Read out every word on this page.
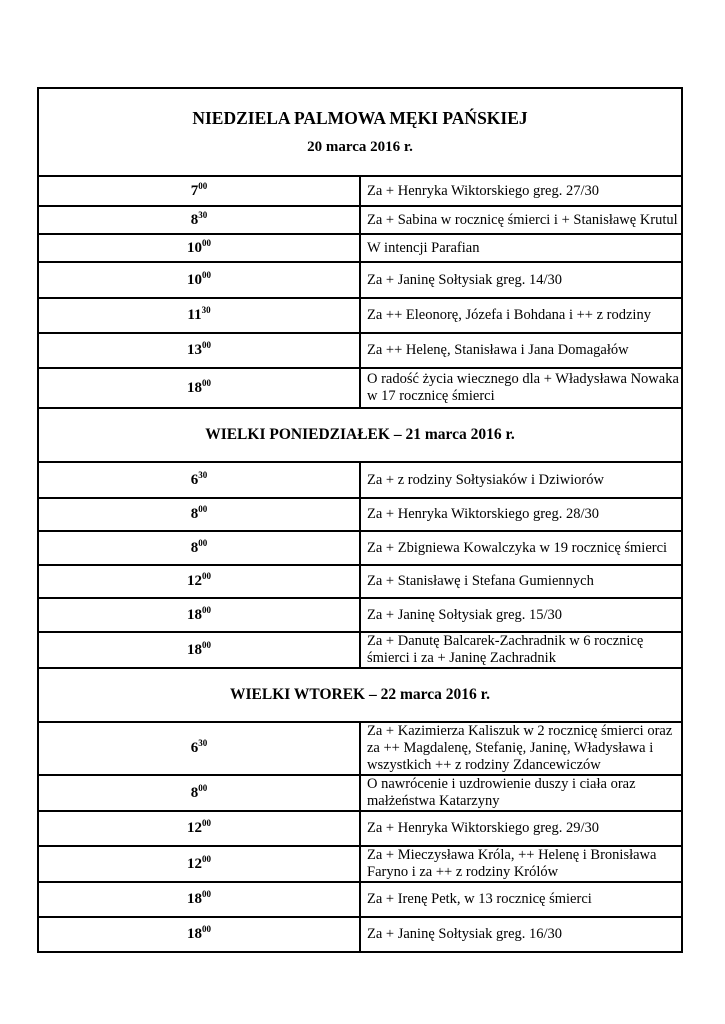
NIEDZIELA PALMOWA MĘKI PAŃSKIEJ
20 marca 2016 r.	

$7^{00}$	Za + Henryka Wiktorskiego greg. 27/30
$8^{30}$	Za + Sabina w rocznicę śmierci i + Stanisławę Krutul
$10^{00}$	W intencji Parafian
$10^{00}$	Za + Janinę Sołtysiak greg. 14/30
$11^{30}$	Za ++ Eleonorę, Józefa i Bohdana i ++ z rodziny
$13^{00}$	Za ++ Helenę, Stanisława i Jana Domagałów
$18^{00}$	O radość życia wiecznego dla + Władysława Nowaka w 17 rocznicę śmierci

WIELKI PONIEDZIAŁEK – 21 marca 2016 r.	

$6^{30}$	Za + z rodziny Sołtysiaków i Dziwiorów
$8^{00}$	Za + Henryka Wiktorskiego greg. 28/30
$8^{00}$	Za + Zbigniewa Kowalczyka w 19 rocznicę śmierci
$12^{00}$	Za + Stanisławę i Stefana Gumiennych
$18^{00}$	Za + Janinę Sołtysiak greg. 15/30
$18^{00}$	Za + Danutę Balcarek-Zachradnik w 6 rocznicę śmierci i za + Janinę Zachradnik

WIELKI WTOREK – 22 marca 2016 r.	

$6^{30}$	Za + Kazimierza Kaliszuk w 2 rocznicę śmierci oraz za ++ Magdalenę, Stefanię, Janinę, Władysława i wszystkich ++ z rodziny Zdancewiczów
$8^{00}$	O nawrócenie i uzdrowienie duszy i ciała oraz małżeństwa Katarzyny
$12^{00}$	Za + Henryka Wiktorskiego greg. 29/30
$12^{00}$	Za + Mieczysława Króla, ++ Helenę i Bronisława Faryno i za ++ z rodziny Królów
$18^{00}$	Za + Irenę Petk, w 13 rocznicę śmierci
$18^{00}$	Za + Janinę Sołtysiak greg. 16/30
